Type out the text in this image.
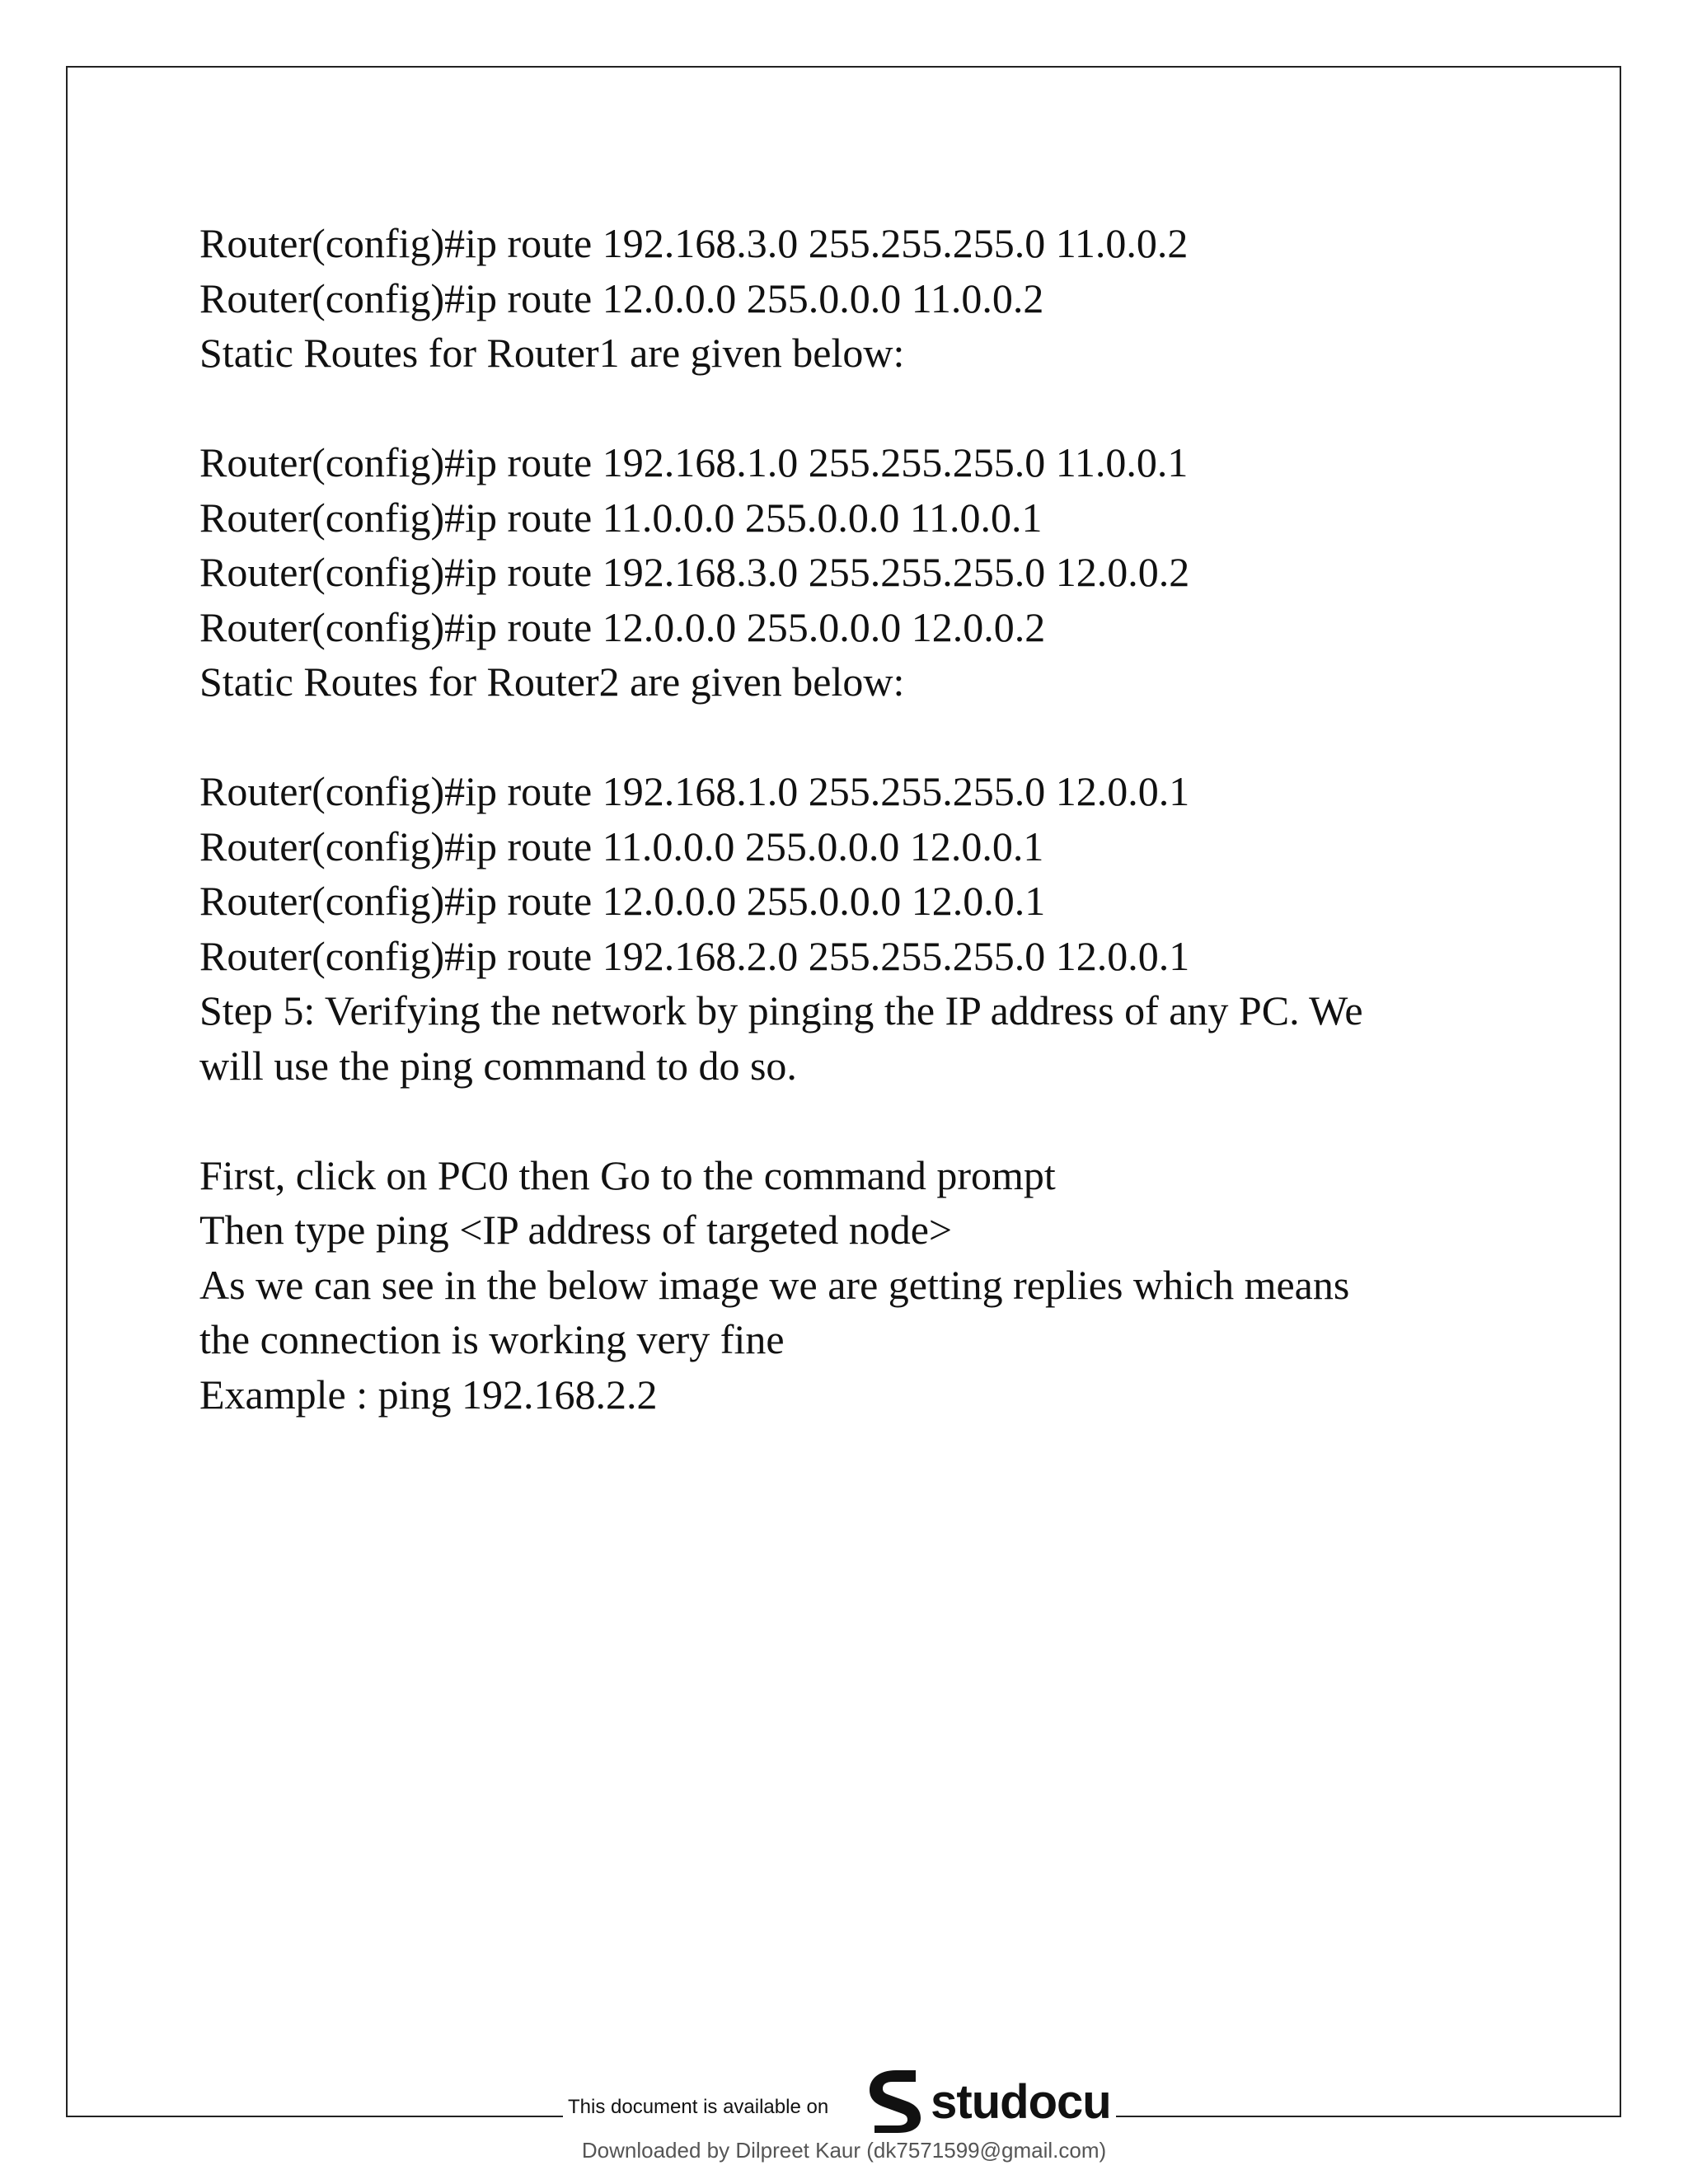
Router(config)#ip route 192.168.3.0 255.255.255.0 11.0.0.2

Router(config)#ip route 12.0.0.0 255.0.0.0 11.0.0.2

Static Routes for Router1 are given below:

Router(config)#ip route 192.168.1.0 255.255.255.0 11.0.0.1

Router(config)#ip route 11.0.0.0 255.0.0.0 11.0.0.1

Router(config)#ip route 192.168.3.0 255.255.255.0 12.0.0.2

Router(config)#ip route 12.0.0.0 255.0.0.0 12.0.0.2

Static Routes for Router2 are given below:

Router(config)#ip route 192.168.1.0 255.255.255.0 12.0.0.1

Router(config)#ip route 11.0.0.0 255.0.0.0 12.0.0.1

Router(config)#ip route 12.0.0.0 255.0.0.0 12.0.0.1

Router(config)#ip route 192.168.2.0 255.255.255.0 12.0.0.1

Step 5: Verifying the network by pinging the IP address of any PC. We

will use the ping command to do so.

First, click on PC0 then Go to the command prompt

Then type ping <IP address of targeted node>

As we can see in the below image we are getting replies which means

the connection is working very fine

Example : ping 192.168.2.2

This document is available on studocu
Downloaded by Dilpreet Kaur (dk7571599@gmail.com)
